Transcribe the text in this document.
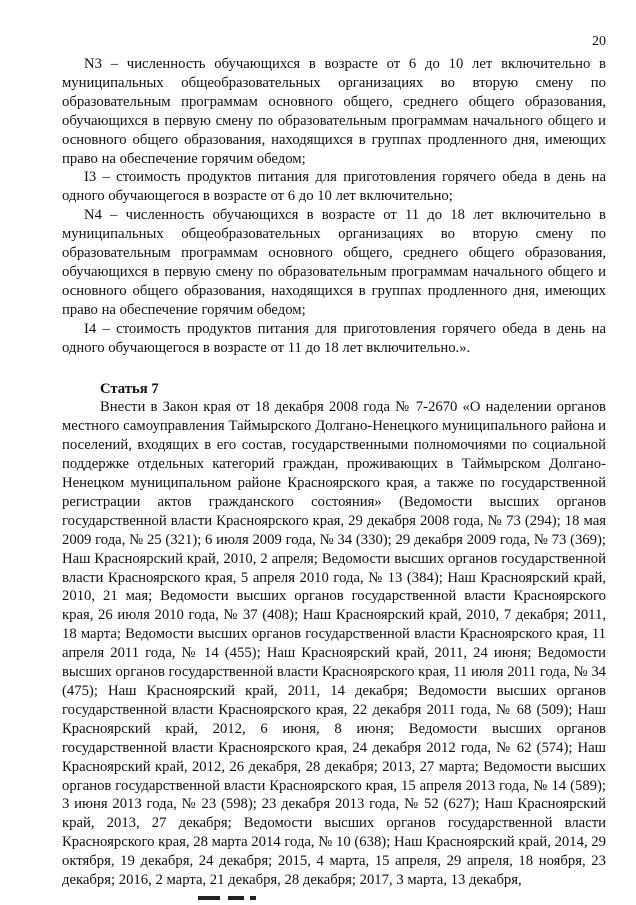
20

N3 – численность обучающихся в возрасте от 6 до 10 лет включительно в муниципальных общеобразовательных организациях во вторую смену по образовательным программам основного общего, среднего общего образования, обучающихся в первую смену по образовательным программам начального общего и основного общего образования, находящихся в группах продленного дня, имеющих право на обеспечение горячим обедом;

I3 – стоимость продуктов питания для приготовления горячего обеда в день на одного обучающегося в возрасте от 6 до 10 лет включительно;

N4 – численность обучающихся в возрасте от 11 до 18 лет включительно в муниципальных общеобразовательных организациях во вторую смену по образовательным программам основного общего, среднего общего образования, обучающихся в первую смену по образовательным программам начального общего и основного общего образования, находящихся в группах продленного дня, имеющих право на обеспечение горячим обедом;

I4 – стоимость продуктов питания для приготовления горячего обеда в день на одного обучающегося в возрасте от 11 до 18 лет включительно.».

Статья 7

Внести в Закон края от 18 декабря 2008 года № 7-2670 «О наделении органов местного самоуправления Таймырского Долгано-Ненецкого муниципального района и поселений, входящих в его состав, государственными полномочиями по социальной поддержке отдельных категорий граждан, проживающих в Таймырском Долгано-Ненецком муниципальном районе Красноярского края, а также по государственной регистрации актов гражданского состояния» (Ведомости высших органов государственной власти Красноярского края, 29 декабря 2008 года, № 73 (294); 18 мая 2009 года, № 25 (321); 6 июля 2009 года, № 34 (330); 29 декабря 2009 года, № 73 (369); Наш Красноярский край, 2010, 2 апреля; Ведомости высших органов государственной власти Красноярского края, 5 апреля 2010 года, № 13 (384); Наш Красноярский край, 2010, 21 мая; Ведомости высших органов государственной власти Красноярского края, 26 июля 2010 года, № 37 (408); Наш Красноярский край, 2010, 7 декабря; 2011, 18 марта; Ведомости высших органов государственной власти Красноярского края, 11 апреля 2011 года, № 14 (455); Наш Красноярский край, 2011, 24 июня; Ведомости высших органов государственной власти Красноярского края, 11 июля 2011 года, № 34 (475); Наш Красноярский край, 2011, 14 декабря; Ведомости высших органов государственной власти Красноярского края, 22 декабря 2011 года, № 68 (509); Наш Красноярский край, 2012, 6 июня, 8 июня; Ведомости высших органов государственной власти Красноярского края, 24 декабря 2012 года, № 62 (574); Наш Красноярский край, 2012, 26 декабря, 28 декабря; 2013, 27 марта; Ведомости высших органов государственной власти Красноярского края, 15 апреля 2013 года, № 14 (589); 3 июня 2013 года, № 23 (598); 23 декабря 2013 года, № 52 (627); Наш Красноярский край, 2013, 27 декабря; Ведомости высших органов государственной власти Красноярского края, 28 марта 2014 года, № 10 (638); Наш Красноярский край, 2014, 29 октября, 19 декабря, 24 декабря; 2015, 4 марта, 15 апреля, 29 апреля, 18 ноября, 23 декабря; 2016, 2 марта, 21 декабря, 28 декабря; 2017, 3 марта, 13 декабря,
